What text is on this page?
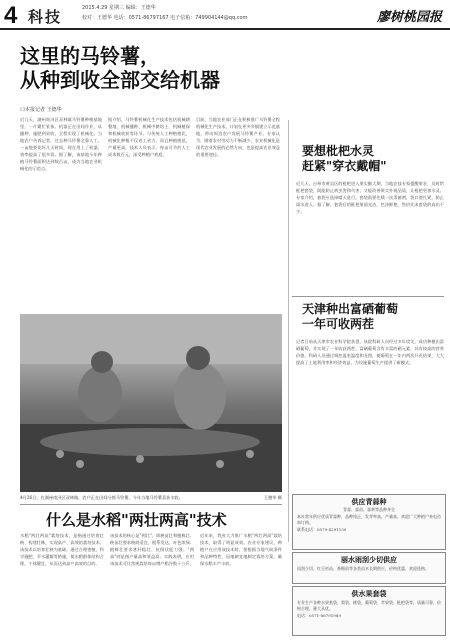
4 科技	2015.4.29 星期三 编辑：王德华
校对：王德华 电话：0571-86797167 电子信箱：749904144@qq.com	廖树桃园报
这里的马铃薯，
从种到收全部交给机器
口本报记者 王德华
近几天，湖州南浔区双林镇马铃薯种植基地里，一片繁忙景象。机器正在田间作业，从播种、施肥到采收，全程实现了机械化。当地农户告诉记者，过去种马铃薯全靠人工，一亩地要花好几天时间，现在用上了机器，效率提高了很多倍。据了解，该基地今年种植马铃薯面积达到数百亩，成为当地农业机械化的示范点。
据介绍，马铃薯机械化生产技术包括机械耕整地、机械播种、机械中耕培土、机械植保和机械收获等环节。与传统人工种植相比，机械化种植不仅省工省力，而且种植规范，产量更高。技术人员表示，每亩可节约人工成本数百元，深受种植户欢迎。
目前，当地农业部门正在积极推广马铃薯全程机械化生产技术，计划在更多乡镇建立示范基地，带动周边农户发展马铃薯产业。专家认为，随着农村劳动力不断减少，农业机械化是现代农业发展的必然方向，也是提高农业效益的重要途径。
4月26日，在湖州南浔区双林镇，农户正在田间分拣马铃薯。今年当地马铃薯喜获丰收。	王德华 摄
要想枇杷水灵
赶紧"穿衣戴帽"
近几天，台州市黄岩区的枇杷进入果实膨大期，当地农技专家提醒果农，及时给枇杷套袋，既能防止病虫害和鸟害，又能改善果实外观品质，让枇杷更加水灵。专家介绍，套袋应选择晴天进行，套袋前要先喷一次杀菌剂，袋口要扎紧，防止雨水进入。据了解，套袋后的枇杷果面光洁，色泽鲜艳，售价比未套袋的高出不少。
天津种出富硒葡萄
一年可收两茬
记者日前从天津市农业科学院获悉，该院科研人员经过多年攻关，成功种植出富硒葡萄，并实现了一年收获两茬。富硒葡萄含有丰富的硒元素，具有较高的营养价值。科研人员通过调控温室温度和光照，使葡萄在一年内两次开花结果，大大提高了土地利用率和经济效益，为设施葡萄生产提供了新模式。
什么是水稻"两壮两高"技术
水稻"两壮两高"栽培技术，是指通过培育壮秧、构建壮株，实现高产、高效的栽培技术。该技术以培育壮秧为基础，通过合理密植、科学施肥、节水灌溉等措施，使水稻群体结构合理，个体健壮，从而达到高产高效的目的。
该技术的核心是"两壮"，即秧苗壮和植株壮。秧苗壮要求秧龄适宜、根系发达、叶色浓绿；植株壮要求茎秆粗壮、抗倒伏能力强。"两高"则是指产量高和效益高。实践表明，应用该技术可比常规栽培每亩增产稻谷数十公斤。
近年来，我省大力推广水稻"两壮两高"栽培技术，取得了明显成效。农业专家建议，种植户在应用该技术时，要根据当地气候条件和品种特性，因地制宜地制定栽培方案，确保水稻丰产丰收。
供应青蒜种
青蒜、蒜苗、蒜黄等品种齐全
本社常年供应优质青蒜种，品种纯正，发芽率高，产量高，欢迎广大种植户来电咨询订购。
联系电话：0579-4291130
丽水雨刮少切供应
雨刮少切、红豆杉苗、香榧苗等各类苗木长期供应，价格优惠，欢迎选购。
供水果套袋
专业生产各种水果套袋，梨袋、桃袋、葡萄袋、苹果袋、枇杷袋等，质量可靠，价格合理，量大从优。
电话：0571-86791989
